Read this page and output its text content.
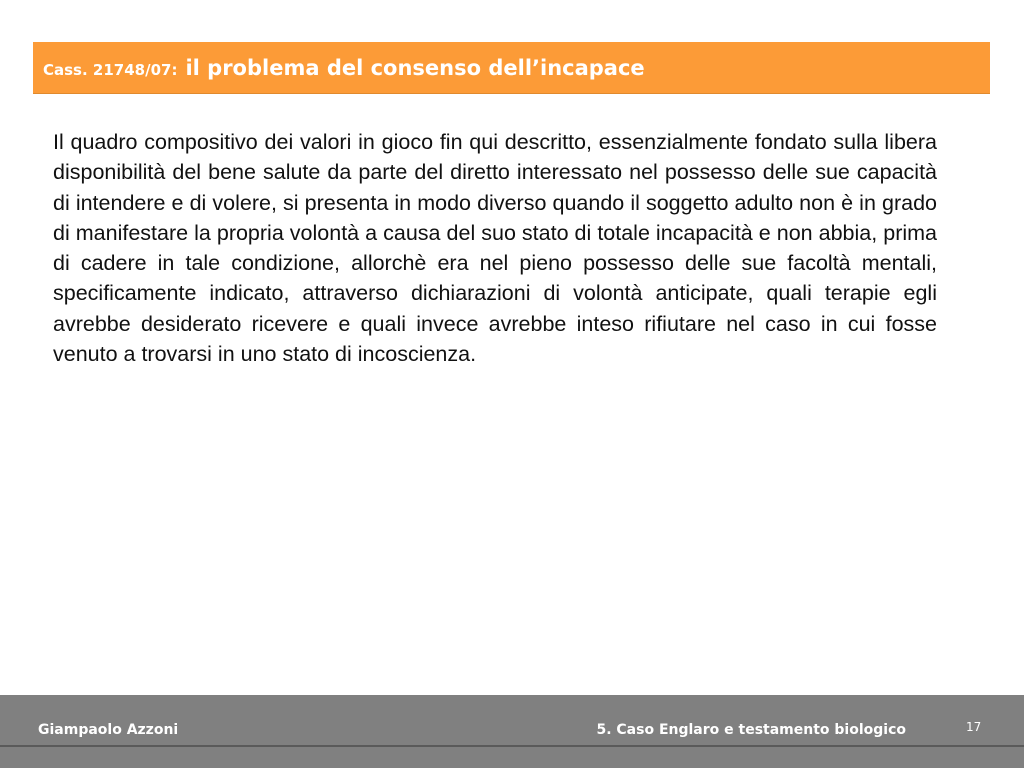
Cass. 21748/07: il problema del consenso dell’incapace

Il quadro compositivo dei valori in gioco fin qui descritto, essenzialmente fondato sulla libera disponibilità del bene salute da parte del diretto interessato nel possesso delle sue capacità di intendere e di volere, si presenta in modo diverso quando il soggetto adulto non è in grado di manifestare la propria volontà a causa del suo stato di totale incapacità e non abbia, prima di cadere in tale condizione, allorchè era nel pieno possesso delle sue facoltà mentali, specificamente indicato, attraverso dichiarazioni di volontà anticipate, quali terapie egli avrebbe desiderato ricevere e quali invece avrebbe inteso rifiutare nel caso in cui fosse venuto a trovarsi in uno stato di incoscienza.

Giampaolo Azzoni	5. Caso Englaro e testamento biologico	17
